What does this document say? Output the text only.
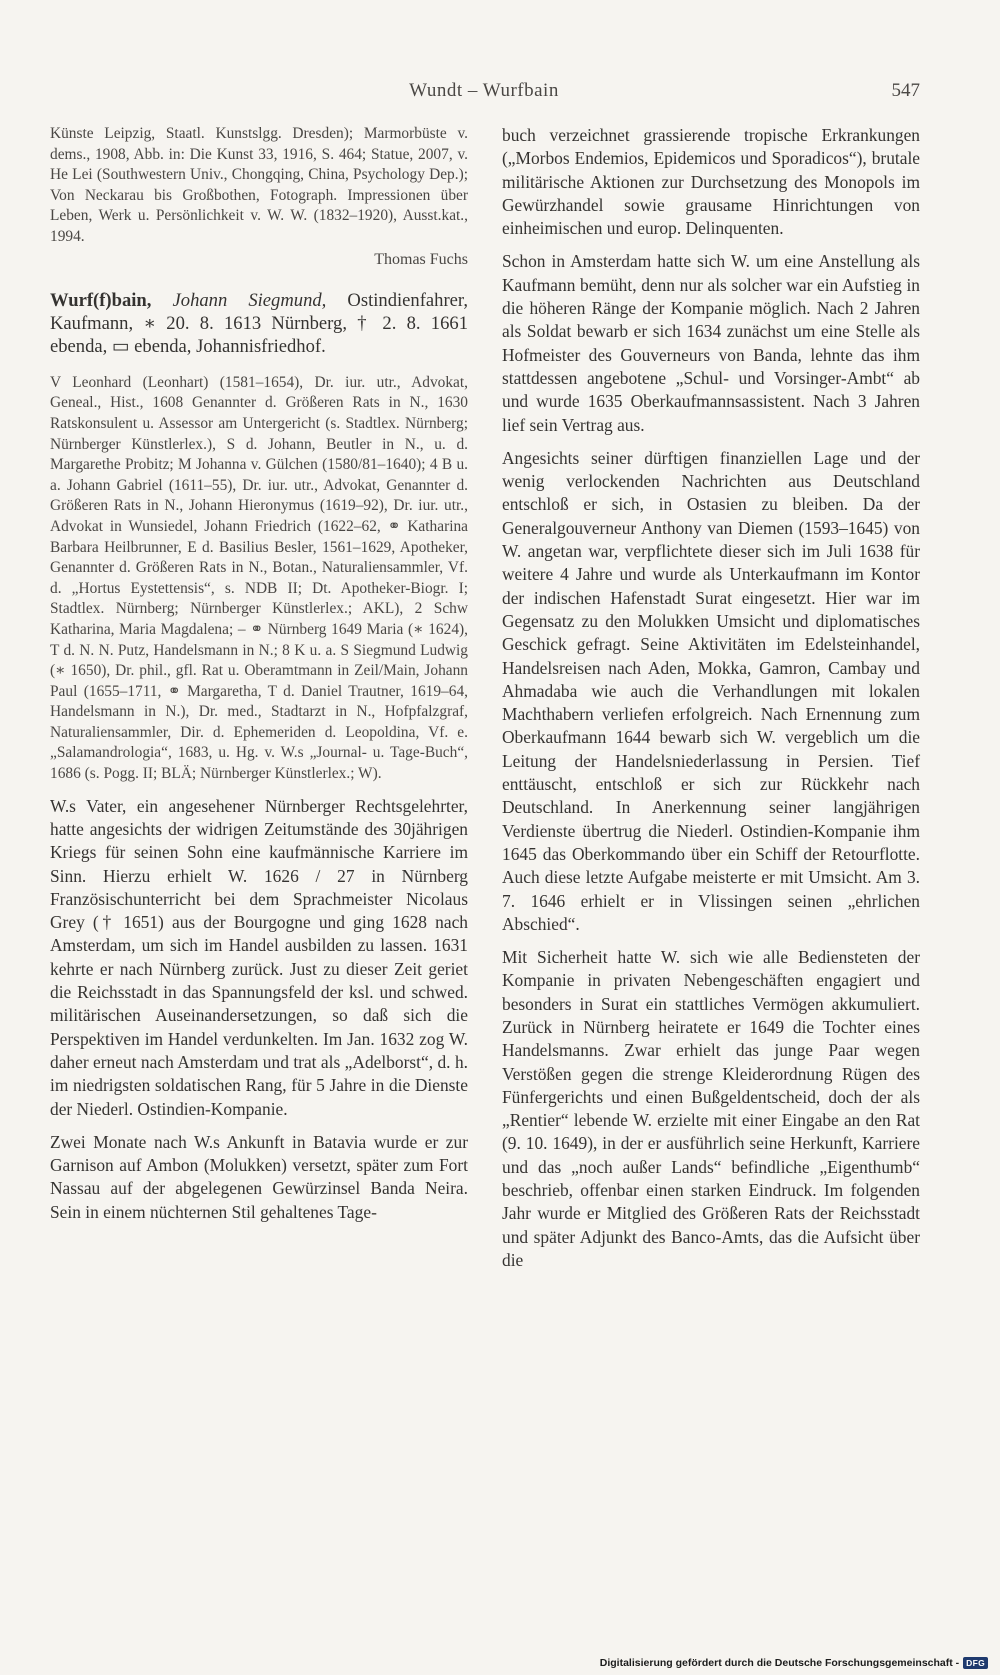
Wundt – Wurfbain	547

Künste Leipzig, Staatl. Kunstslgg. Dresden); Marmorbüste v. dems., 1908, Abb. in: Die Kunst 33, 1916, S. 464; Statue, 2007, v. He Lei (Southwestern Univ., Chongqing, China, Psychology Dep.); Von Neckarau bis Großbothen, Fotograph. Impressionen über Leben, Werk u. Persönlichkeit v. W. W. (1832–1920), Ausst.kat., 1994.

Thomas Fuchs

Wurf(f)bain, Johann Siegmund, Ostindienfahrer, Kaufmann, ∗ 20. 8. 1613 Nürnberg, † 2. 8. 1661 ebenda, ▭ ebenda, Johannisfriedhof.

V Leonhard (Leonhart) (1581–1654), Dr. iur. utr., Advokat, Geneal., Hist., 1608 Genannter d. Größeren Rats in N., 1630 Ratskonsulent u. Assessor am Untergericht (s. Stadtlex. Nürnberg; Nürnberger Künstlerlex.), S d. Johann, Beutler in N., u. d. Margarethe Probitz; M Johanna v. Gülchen (1580/81–1640); 4 B u. a. Johann Gabriel (1611–55), Dr. iur. utr., Advokat, Genannter d. Größeren Rats in N., Johann Hieronymus (1619–92), Dr. iur. utr., Advokat in Wunsiedel, Johann Friedrich (1622–62, ⚭ Katharina Barbara Heilbrunner, E d. Basilius Besler, 1561–1629, Apotheker, Genannter d. Größeren Rats in N., Botan., Naturaliensammler, Vf. d. „Hortus Eystettensis“, s. NDB II; Dt. Apotheker-Biogr. I; Stadtlex. Nürnberg; Nürnberger Künstlerlex.; AKL), 2 Schw Katharina, Maria Magdalena; – ⚭ Nürnberg 1649 Maria (∗ 1624), T d. N. N. Putz, Handelsmann in N.; 8 K u. a. S Siegmund Ludwig (∗ 1650), Dr. phil., gfl. Rat u. Oberamtmann in Zeil/Main, Johann Paul (1655–1711, ⚭ Margaretha, T d. Daniel Trautner, 1619–64, Handelsmann in N.), Dr. med., Stadtarzt in N., Hofpfalzgraf, Naturaliensammler, Dir. d. Ephemeriden d. Leopoldina, Vf. e. „Salamandrologia“, 1683, u. Hg. v. W.s „Journal- u. Tage-Buch“, 1686 (s. Pogg. II; BLÄ; Nürnberger Künstlerlex.; W).

W.s Vater, ein angesehener Nürnberger Rechtsgelehrter, hatte angesichts der widrigen Zeitumstände des 30jährigen Kriegs für seinen Sohn eine kaufmännische Karriere im Sinn. Hierzu erhielt W. 1626 / 27 in Nürnberg Französischunterricht bei dem Sprachmeister Nicolaus Grey († 1651) aus der Bourgogne und ging 1628 nach Amsterdam, um sich im Handel ausbilden zu lassen. 1631 kehrte er nach Nürnberg zurück. Just zu dieser Zeit geriet die Reichsstadt in das Spannungsfeld der ksl. und schwed. militärischen Auseinandersetzungen, so daß sich die Perspektiven im Handel verdunkelten. Im Jan. 1632 zog W. daher erneut nach Amsterdam und trat als „Adelborst“, d. h. im niedrigsten soldatischen Rang, für 5 Jahre in die Dienste der Niederl. Ostindien-Kompanie.

Zwei Monate nach W.s Ankunft in Batavia wurde er zur Garnison auf Ambon (Molukken) versetzt, später zum Fort Nassau auf der abgelegenen Gewürzinsel Banda Neira. Sein in einem nüchternen Stil gehaltenes Tage-

buch verzeichnet grassierende tropische Erkrankungen („Morbos Endemios, Epidemicos und Sporadicos“), brutale militärische Aktionen zur Durchsetzung des Monopols im Gewürzhandel sowie grausame Hinrichtungen von einheimischen und europ. Delinquenten.

Schon in Amsterdam hatte sich W. um eine Anstellung als Kaufmann bemüht, denn nur als solcher war ein Aufstieg in die höheren Ränge der Kompanie möglich. Nach 2 Jahren als Soldat bewarb er sich 1634 zunächst um eine Stelle als Hofmeister des Gouverneurs von Banda, lehnte das ihm stattdessen angebotene „Schul- und Vorsinger-Ambt“ ab und wurde 1635 Oberkaufmannsassistent. Nach 3 Jahren lief sein Vertrag aus.

Angesichts seiner dürftigen finanziellen Lage und der wenig verlockenden Nachrichten aus Deutschland entschloß er sich, in Ostasien zu bleiben. Da der Generalgouverneur Anthony van Diemen (1593–1645) von W. angetan war, verpflichtete dieser sich im Juli 1638 für weitere 4 Jahre und wurde als Unterkaufmann im Kontor der indischen Hafenstadt Surat eingesetzt. Hier war im Gegensatz zu den Molukken Umsicht und diplomatisches Geschick gefragt. Seine Aktivitäten im Edelsteinhandel, Handelsreisen nach Aden, Mokka, Gamron, Cambay und Ahmadaba wie auch die Verhandlungen mit lokalen Machthabern verliefen erfolgreich. Nach Ernennung zum Oberkaufmann 1644 bewarb sich W. vergeblich um die Leitung der Handelsniederlassung in Persien. Tief enttäuscht, entschloß er sich zur Rückkehr nach Deutschland. In Anerkennung seiner langjährigen Verdienste übertrug die Niederl. Ostindien-Kompanie ihm 1645 das Oberkommando über ein Schiff der Retourflotte. Auch diese letzte Aufgabe meisterte er mit Umsicht. Am 3. 7. 1646 erhielt er in Vlissingen seinen „ehrlichen Abschied“.

Mit Sicherheit hatte W. sich wie alle Bediensteten der Kompanie in privaten Nebengeschäften engagiert und besonders in Surat ein stattliches Vermögen akkumuliert. Zurück in Nürnberg heiratete er 1649 die Tochter eines Handelsmanns. Zwar erhielt das junge Paar wegen Verstößen gegen die strenge Kleiderordnung Rügen des Fünfergerichts und einen Bußgeldentscheid, doch der als „Rentier“ lebende W. erzielte mit einer Eingabe an den Rat (9. 10. 1649), in der er ausführlich seine Herkunft, Karriere und das „noch außer Lands“ befindliche „Eigenthumb“ beschrieb, offenbar einen starken Eindruck. Im folgenden Jahr wurde er Mitglied des Größeren Rats der Reichsstadt und später Adjunkt des Banco-Amts, das die Aufsicht über die

Digitalisierung gefördert durch die Deutsche Forschungsgemeinschaft - DFG
